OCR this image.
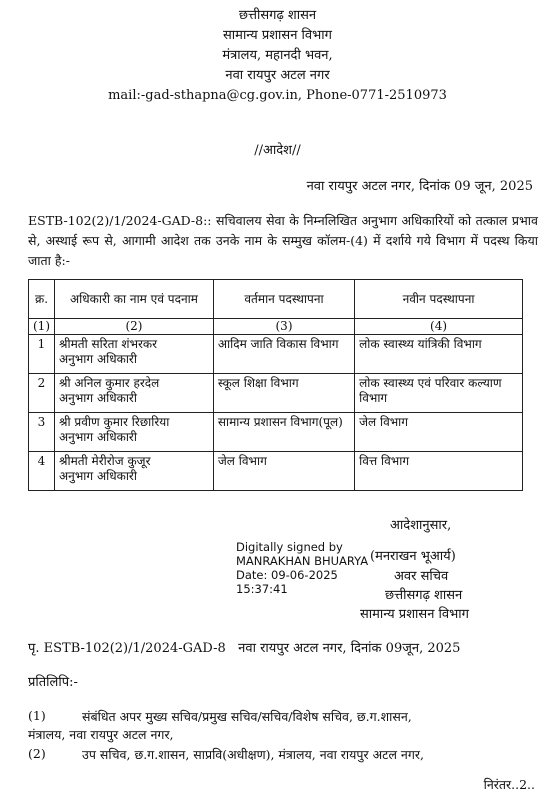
छत्तीसगढ़ शासन
सामान्य प्रशासन विभाग
मंत्रालय, महानदी भवन,
नवा रायपुर अटल नगर
mail:-gad-sthapna@cg.gov.in, Phone-0771-2510973
//आदेश//
नवा रायपुर अटल नगर, दिनांक 09 जून, 2025
ESTB-102(2)/1/2024-GAD-8:: सचिवालय सेवा के निम्नलिखित अनुभाग अधिकारियों को तत्काल प्रभाव से, अस्थाई रूप से, आगामी आदेश तक उनके नाम के सम्मुख कॉलम-(4) में दर्शाये गये विभाग में पदस्थ किया जाता है:-
क्र.	अधिकारी का नाम एवं पदनाम	वर्तमान पदस्थापना	नवीन पदस्थापना
(1)	(2)	(3)	(4)
1	श्रीमती सरिता शंभरकर
अनुभाग अधिकारी	आदिम जाति विकास विभाग	लोक स्वास्थ्य यांत्रिकी विभाग
2	श्री अनिल कुमार हरदेल
अनुभाग अधिकारी	स्कूल शिक्षा विभाग	लोक स्वास्थ्य एवं परिवार कल्याण विभाग
3	श्री प्रवीण कुमार रिछारिया
अनुभाग अधिकारी	सामान्य प्रशासन विभाग(पूल)	जेल विभाग
4	श्रीमती मेरीरोज कुजूर
अनुभाग अधिकारी	जेल विभाग	वित्त विभाग
आदेशानुसार,
Digitally signed by
MANRAKHAN BHUARYA
Date: 09-06-2025
15:37:41
(मनराखन भूआर्य)
अवर सचिव
छत्तीसगढ़ शासन
सामान्य प्रशासन विभाग
पृ. ESTB-102(2)/1/2024-GAD-8 नवा रायपुर अटल नगर, दिनांक 09जून, 2025
प्रतिलिपि:-
(1)	संबंधित अपर मुख्य सचिव/प्रमुख सचिव/सचिव/विशेष सचिव, छ.ग.शासन,
मंत्रालय, नवा रायपुर अटल नगर,
(2)	उप सचिव, छ.ग.शासन, साप्रवि(अधीक्षण), मंत्रालय, नवा रायपुर अटल नगर,
निरंतर..2..
